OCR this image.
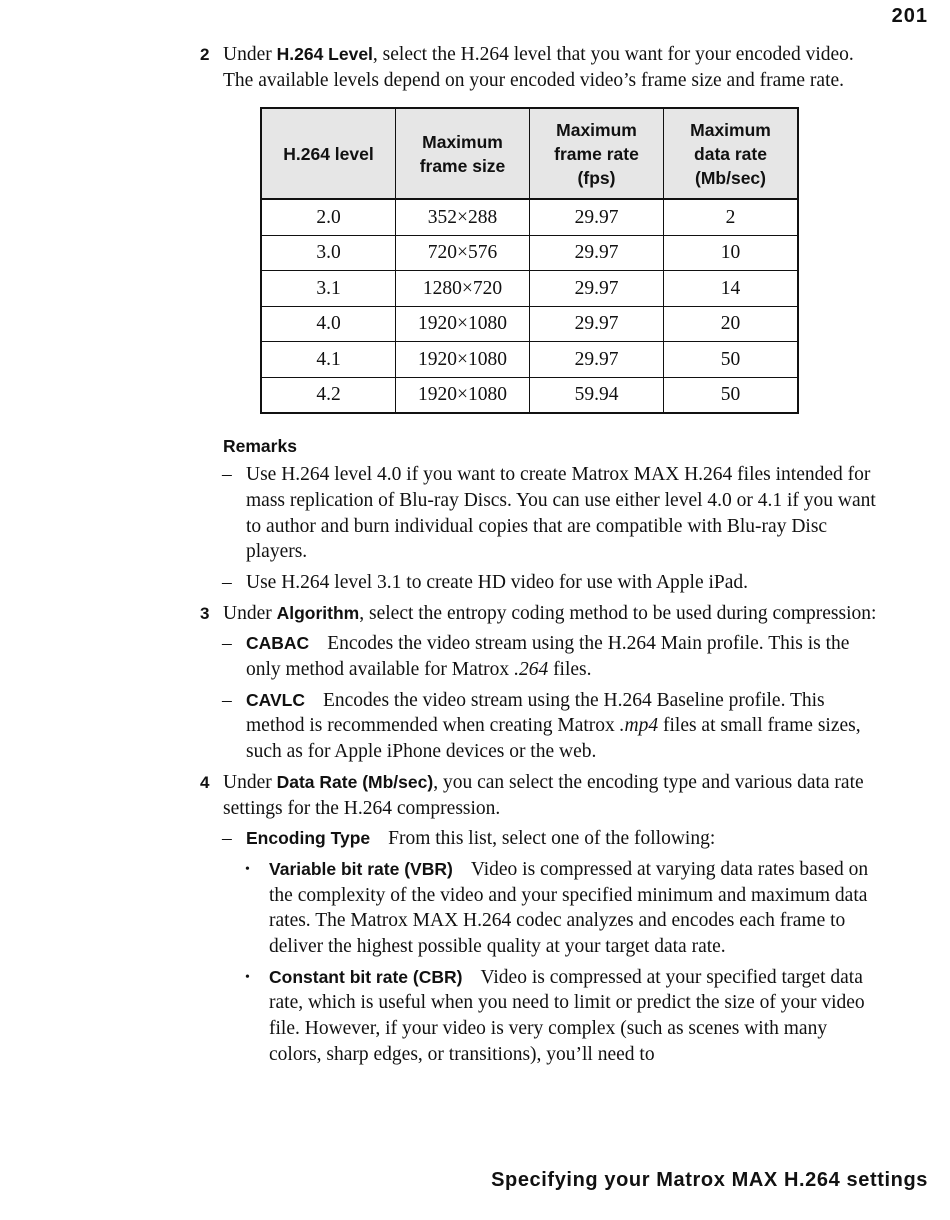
201
2 Under H.264 Level, select the H.264 level that you want for your encoded video. The available levels depend on your encoded video’s frame size and frame rate.
H.264 level	Maximum frame size	Maximum frame rate (fps)	Maximum data rate (Mb/sec)
2.0	352×288	29.97	2
3.0	720×576	29.97	10
3.1	1280×720	29.97	14
4.0	1920×1080	29.97	20
4.1	1920×1080	29.97	50
4.2	1920×1080	59.94	50
Remarks
– Use H.264 level 4.0 if you want to create Matrox MAX H.264 files intended for mass replication of Blu-ray Discs. You can use either level 4.0 or 4.1 if you want to author and burn individual copies that are compatible with Blu-ray Disc players.
– Use H.264 level 3.1 to create HD video for use with Apple iPad.
3 Under Algorithm, select the entropy coding method to be used during compression:
– CABAC Encodes the video stream using the H.264 Main profile. This is the only method available for Matrox .264 files.
– CAVLC Encodes the video stream using the H.264 Baseline profile. This method is recommended when creating Matrox .mp4 files at small frame sizes, such as for Apple iPhone devices or the web.
4 Under Data Rate (Mb/sec), you can select the encoding type and various data rate settings for the H.264 compression.
– Encoding Type From this list, select one of the following:
• Variable bit rate (VBR) Video is compressed at varying data rates based on the complexity of the video and your specified minimum and maximum data rates. The Matrox MAX H.264 codec analyzes and encodes each frame to deliver the highest possible quality at your target data rate.
• Constant bit rate (CBR) Video is compressed at your specified target data rate, which is useful when you need to limit or predict the size of your video file. However, if your video is very complex (such as scenes with many colors, sharp edges, or transitions), you’ll need to
Specifying your Matrox MAX H.264 settings
